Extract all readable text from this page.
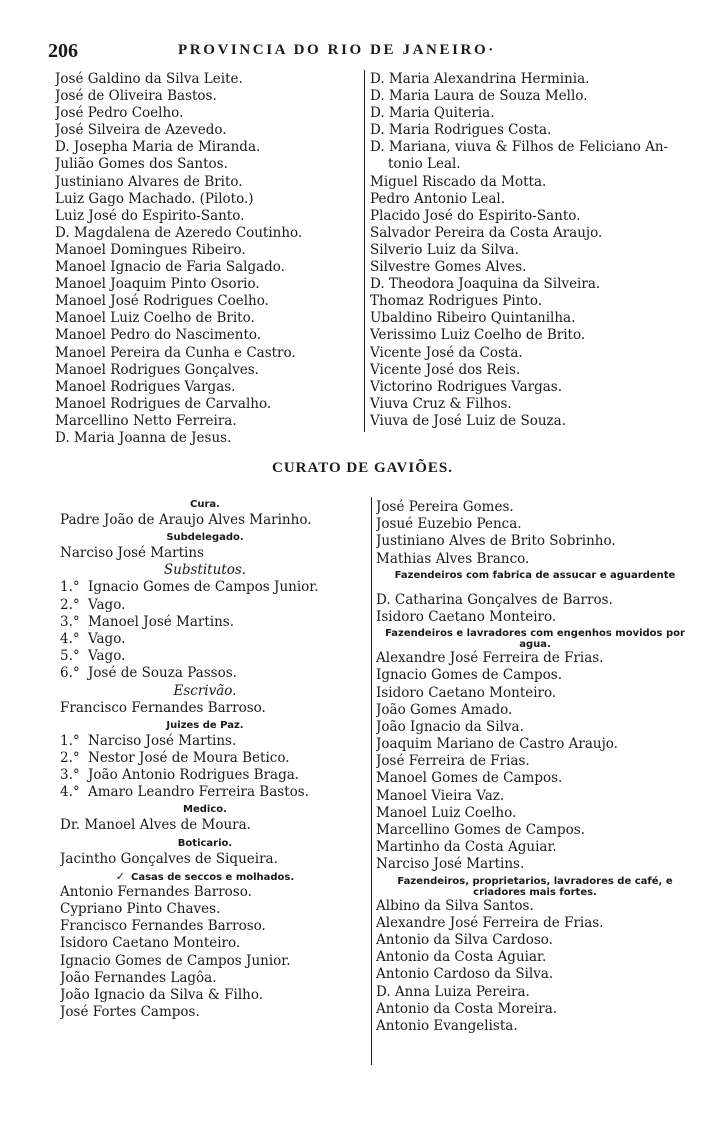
206	PROVINCIA DO RIO DE JANEIRO·
José Galdino da Silva Leite.
José de Oliveira Bastos.
José Pedro Coelho.
José Silveira de Azevedo.
D. Josepha Maria de Miranda.
Julião Gomes dos Santos.
Justiniano Alvares de Brito.
Luiz Gago Machado. (Piloto.)
Luiz José do Espirito-Santo.
D. Magdalena de Azeredo Coutinho.
Manoel Domingues Ribeiro.
Manoel Ignacio de Faria Salgado.
Manoel Joaquim Pinto Osorio.
Manoel José Rodrigues Coelho.
Manoel Luiz Coelho de Brito.
Manoel Pedro do Nascimento.
Manoel Pereira da Cunha e Castro.
Manoel Rodrigues Gonçalves.
Manoel Rodrigues Vargas.
Manoel Rodrigues de Carvalho.
Marcellino Netto Ferreira.
D. Maria Joanna de Jesus.
D. Maria Alexandrina Herminia.
D. Maria Laura de Souza Mello.
D. Maria Quiteria.
D. Maria Rodrigues Costa.
D. Mariana, viuva & Filhos de Feliciano An-
tonio Leal.
Miguel Riscado da Motta.
Pedro Antonio Leal.
Placido José do Espirito-Santo.
Salvador Pereira da Costa Araujo.
Silverio Luiz da Silva.
Silvestre Gomes Alves.
D. Theodora Joaquina da Silveira.
Thomaz Rodrigues Pinto.
Ubaldino Ribeiro Quintanilha.
Verissimo Luiz Coelho de Brito.
Vicente José da Costa.
Vicente José dos Reis.
Victorino Rodrigues Vargas.
Viuva Cruz & Filhos.
Viuva de José Luiz de Souza.
CURATO DE GAVIÕES.
Cura.
Padre João de Araujo Alves Marinho.
Subdelegado.
Narciso José Martins
Substitutos.
1.° Ignacio Gomes de Campos Junior.
2.° Vago.
3.° Manoel José Martins.
4.° Vago.
5.° Vago.
6.° José de Souza Passos.
Escrivão.
Francisco Fernandes Barroso.
Juizes de Paz.
1.° Narciso José Martins.
2.° Nestor José de Moura Betico.
3.° João Antonio Rodrigues Braga.
4.° Amaro Leandro Ferreira Bastos.
Medico.
Dr. Manoel Alves de Moura.
Boticario.
Jacintho Gonçalves de Siqueira.
✓ Casas de seccos e molhados.
Antonio Fernandes Barroso.
Cypriano Pinto Chaves.
Francisco Fernandes Barroso.
Isidoro Caetano Monteiro.
Ignacio Gomes de Campos Junior.
João Fernandes Lagôa.
João Ignacio da Silva & Filho.
José Fortes Campos.
José Pereira Gomes.
Josué Euzebio Penca.
Justiniano Alves de Brito Sobrinho.
Mathias Alves Branco.
Fazendeiros com fabrica de assucar e aguardente
D. Catharina Gonçalves de Barros.
Isidoro Caetano Monteiro.
Fazendeiros e lavradores com engenhos movidos por agua.
Alexandre José Ferreira de Frias.
Ignacio Gomes de Campos.
Isidoro Caetano Monteiro.
João Gomes Amado.
João Ignacio da Silva.
Joaquim Mariano de Castro Araujo.
José Ferreira de Frias.
Manoel Gomes de Campos.
Manoel Vieira Vaz.
Manoel Luiz Coelho.
Marcellino Gomes de Campos.
Martinho da Costa Aguiar.
Narciso José Martins.
Fazendeiros, proprietarios, lavradores de café, e criadores mais fortes.
Albino da Silva Santos.
Alexandre José Ferreira de Frias.
Antonio da Silva Cardoso.
Antonio da Costa Aguiar.
Antonio Cardoso da Silva.
D. Anna Luiza Pereira.
Antonio da Costa Moreira.
Antonio Evangelista.
